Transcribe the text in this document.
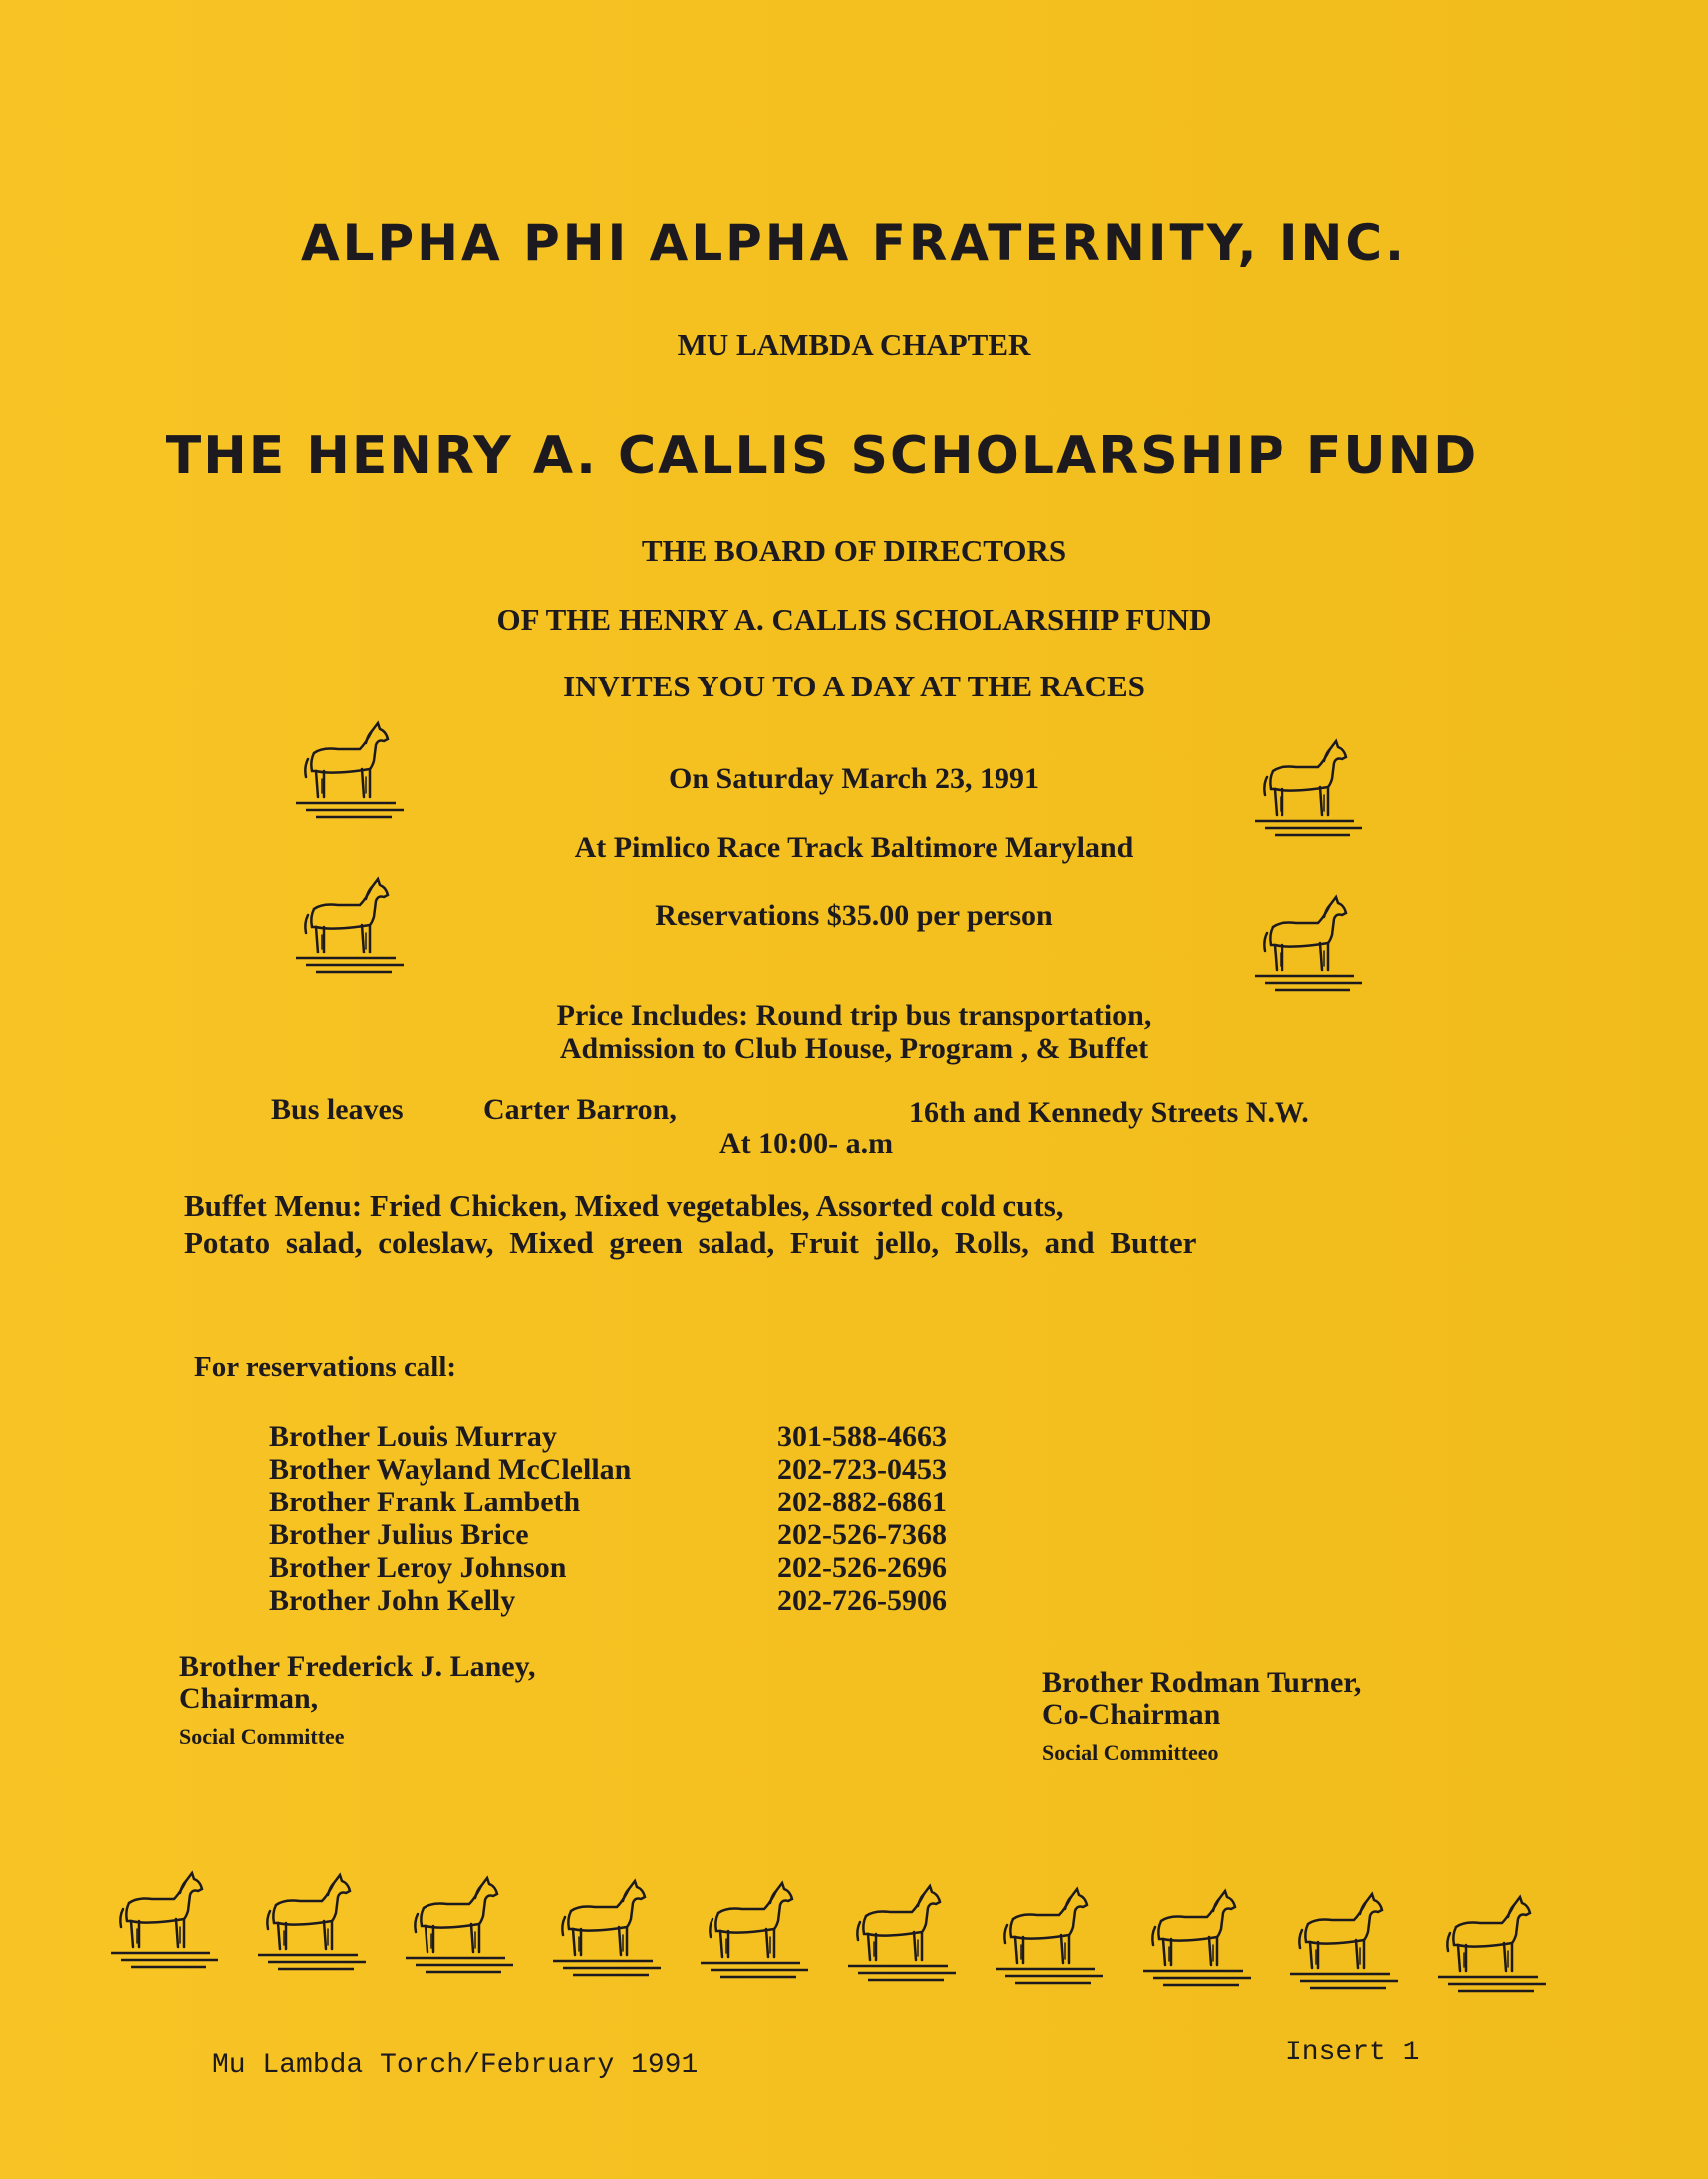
ALPHA PHI ALPHA FRATERNITY, INC.
MU LAMBDA CHAPTER
THE HENRY A. CALLIS SCHOLARSHIP FUND
THE BOARD OF DIRECTORS
OF THE HENRY A. CALLIS SCHOLARSHIP FUND
INVITES YOU TO A DAY AT THE RACES
On Saturday March 23, 1991
At Pimlico Race Track Baltimore Maryland
Reservations $35.00 per person
Price Includes: Round trip bus transportation,
Admission to Club House, Program , & Buffet
Bus leaves	Carter Barron,	16th and Kennedy Streets N.W.
At 10:00- a.m
Buffet Menu: Fried Chicken, Mixed vegetables, Assorted cold cuts,
Potato salad, coleslaw, Mixed green salad, Fruit jello, Rolls, and Butter
For reservations call:
Brother Louis Murray	301-588-4663
Brother Wayland McClellan	202-723-0453
Brother Frank Lambeth	202-882-6861
Brother Julius Brice	202-526-7368
Brother Leroy Johnson	202-526-2696
Brother John Kelly	202-726-5906
Brother Frederick J. Laney,
Chairman,
Social Committee
Brother Rodman Turner,
Co-Chairman
Social Committeeo
Mu Lambda Torch/February 1991	Insert 1
